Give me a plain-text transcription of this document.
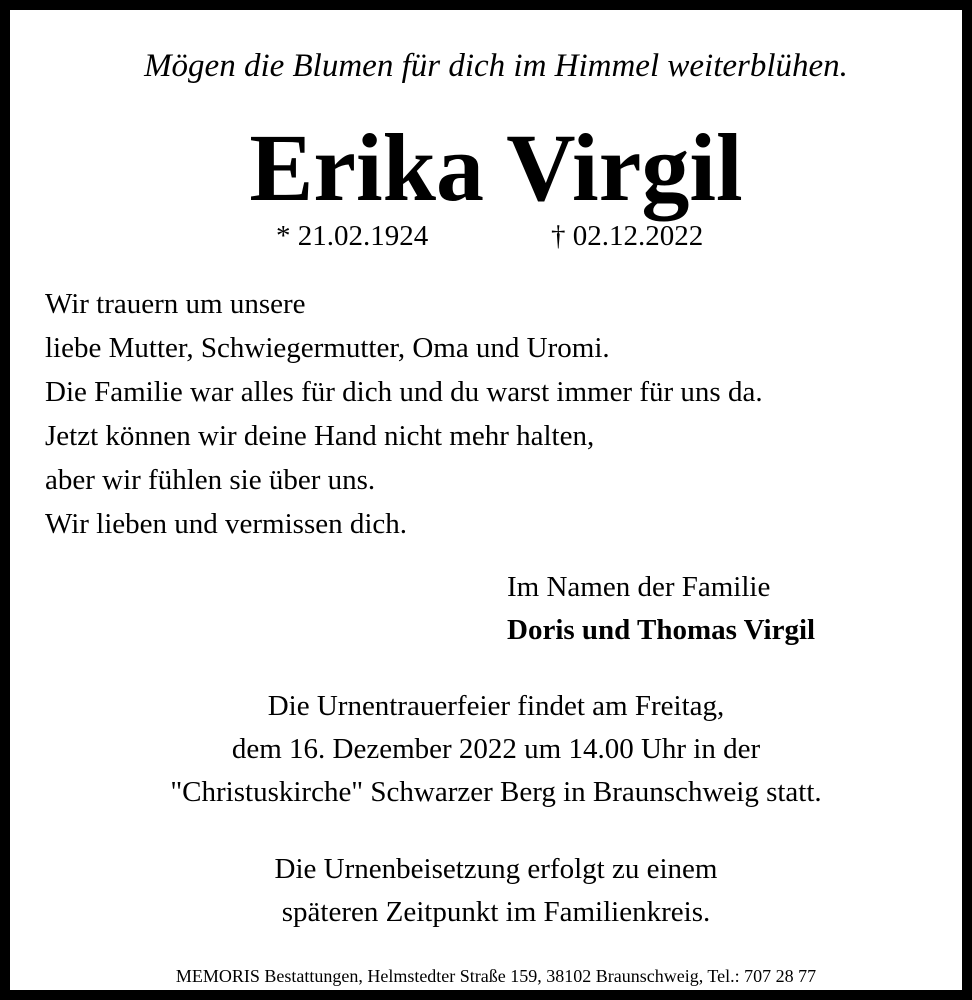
Mögen die Blumen für dich im Himmel weiterblühen.
Erika Virgil
* 21.02.1924	† 02.12.2022
Wir trauern um unsere
liebe Mutter, Schwiegermutter, Oma und Uromi.
Die Familie war alles für dich und du warst immer für uns da.
Jetzt können wir deine Hand nicht mehr halten,
aber wir fühlen sie über uns.
Wir lieben und vermissen dich.
Im Namen der Familie
Doris und Thomas Virgil
Die Urnentrauerfeier findet am Freitag,
dem 16. Dezember 2022 um 14.00 Uhr in der
"Christuskirche" Schwarzer Berg in Braunschweig statt.
Die Urnenbeisetzung erfolgt zu einem
späteren Zeitpunkt im Familienkreis.
MEMORIS Bestattungen, Helmstedter Straße 159, 38102 Braunschweig, Tel.: 707 28 77
